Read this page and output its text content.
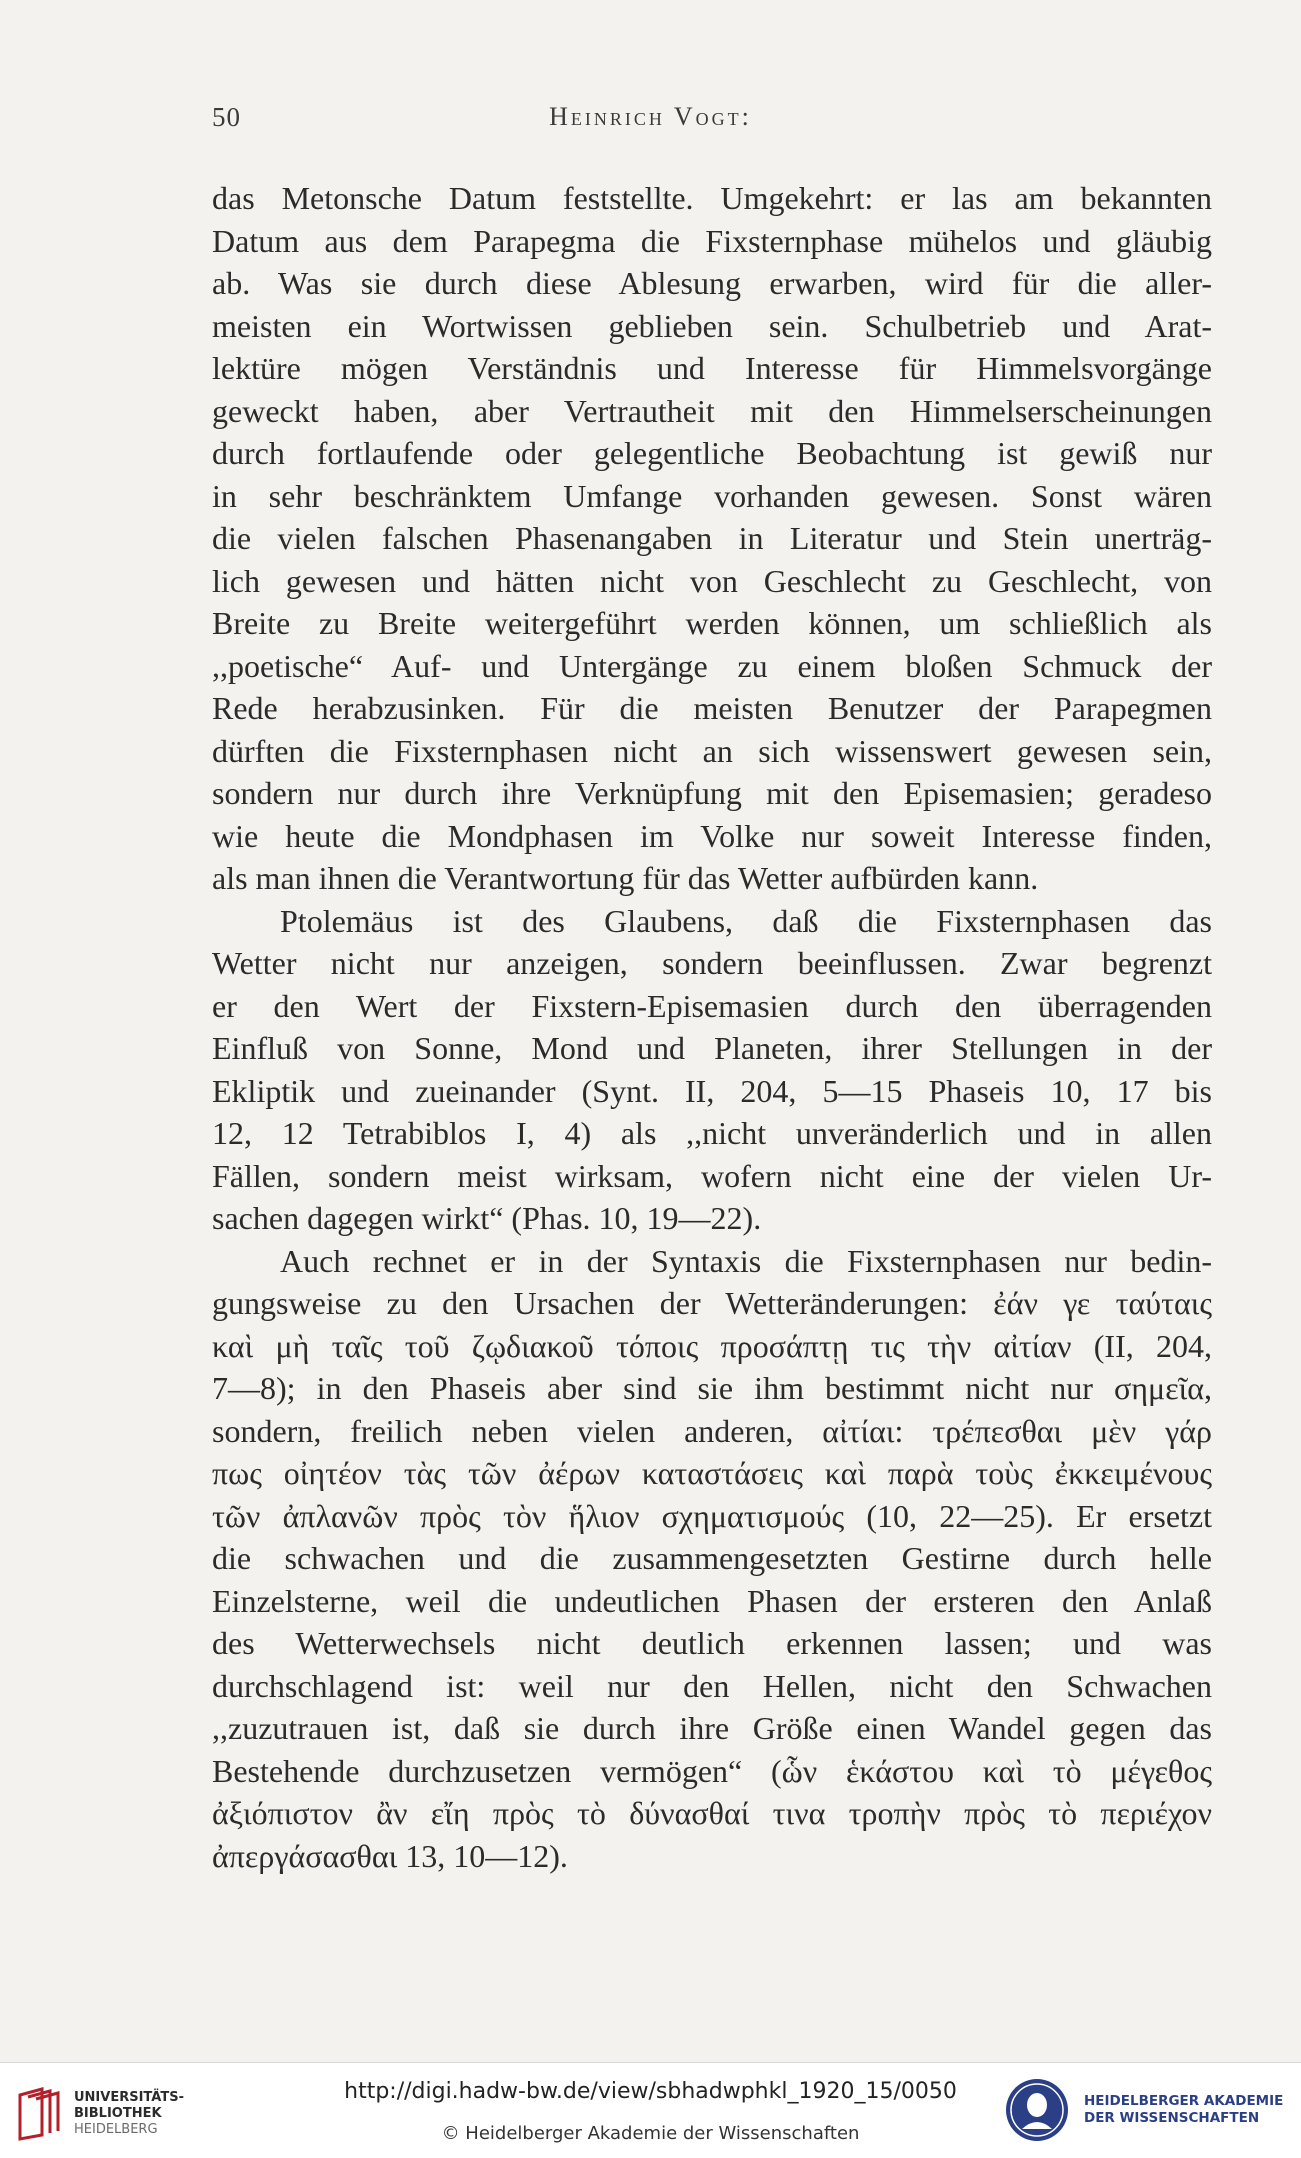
50	Heinrich Vogt:
das Metonsche Datum feststellte. Umgekehrt: er las am bekannten
Datum aus dem Parapegma die Fixsternphase mühelos und gläubig
ab. Was sie durch diese Ablesung erwarben, wird für die aller-
meisten ein Wortwissen geblieben sein. Schulbetrieb und Arat-
lektüre mögen Verständnis und Interesse für Himmelsvorgänge
geweckt haben, aber Vertrautheit mit den Himmelserscheinungen
durch fortlaufende oder gelegentliche Beobachtung ist gewiß nur
in sehr beschränktem Umfange vorhanden gewesen. Sonst wären
die vielen falschen Phasenangaben in Literatur und Stein unerträg-
lich gewesen und hätten nicht von Geschlecht zu Geschlecht, von
Breite zu Breite weitergeführt werden können, um schließlich als
,,poetische“ Auf- und Untergänge zu einem bloßen Schmuck der
Rede herabzusinken. Für die meisten Benutzer der Parapegmen
dürften die Fixsternphasen nicht an sich wissenswert gewesen sein,
sondern nur durch ihre Verknüpfung mit den Episemasien; geradeso
wie heute die Mondphasen im Volke nur soweit Interesse finden,
als man ihnen die Verantwortung für das Wetter aufbürden kann.
Ptolemäus ist des Glaubens, daß die Fixsternphasen das
Wetter nicht nur anzeigen, sondern beeinflussen. Zwar begrenzt
er den Wert der Fixstern-Episemasien durch den überragenden
Einfluß von Sonne, Mond und Planeten, ihrer Stellungen in der
Ekliptik und zueinander (Synt. II, 204, 5—15 Phaseis 10, 17 bis
12, 12 Tetrabiblos I, 4) als ,,nicht unveränderlich und in allen
Fällen, sondern meist wirksam, wofern nicht eine der vielen Ur-
sachen dagegen wirkt“ (Phas. 10, 19—22).
Auch rechnet er in der Syntaxis die Fixsternphasen nur bedin-
gungsweise zu den Ursachen der Wetteränderungen: ἐάν γε ταύταις
καὶ μὴ ταῖς τοῦ ζῳδιακοῦ τόποις προσάπτῃ τις τὴν αἰτίαν (II, 204,
7—8); in den Phaseis aber sind sie ihm bestimmt nicht nur σημεῖα,
sondern, freilich neben vielen anderen, αἰτίαι: τρέπεσθαι μὲν γάρ
πως οἰητέον τὰς τῶν ἀέρων καταστάσεις καὶ παρὰ τοὺς ἐκκειμένους
τῶν ἀπλανῶν πρὸς τὸν ἥλιον σχηματισμούς (10, 22—25). Er ersetzt
die schwachen und die zusammengesetzten Gestirne durch helle
Einzelsterne, weil die undeutlichen Phasen der ersteren den Anlaß
des Wetterwechsels nicht deutlich erkennen lassen; und was
durchschlagend ist: weil nur den Hellen, nicht den Schwachen
,,zuzutrauen ist, daß sie durch ihre Größe einen Wandel gegen das
Bestehende durchzusetzen vermögen“ (ὧν ἑκάστου καὶ τὸ μέγεθος
ἀξιόπιστον ἂν εἴη πρὸς τὸ δύνασθαί τινα τροπὴν πρὸς τὸ περιέχον
ἀπεργάσασθαι 13, 10—12).
UNIVERSITÄTS-
BIBLIOTHEK
HEIDELBERG
http://digi.hadw-bw.de/view/sbhadwphkl_1920_15/0050
© Heidelberger Akademie der Wissenschaften
HEIDELBERGER AKADEMIE
DER WISSENSCHAFTEN
